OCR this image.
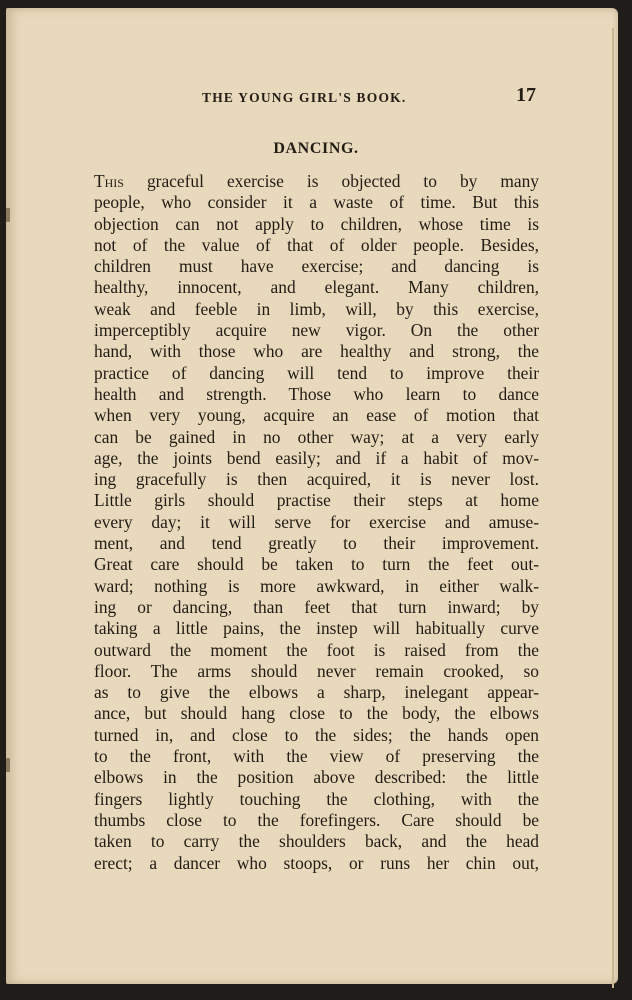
THE YOUNG GIRL'S BOOK.	17
DANCING.
This graceful exercise is objected to by many
people, who consider it a waste of time. But this
objection can not apply to children, whose time is
not of the value of that of older people. Besides,
children must have exercise; and dancing is
healthy, innocent, and elegant. Many children,
weak and feeble in limb, will, by this exercise,
imperceptibly acquire new vigor. On the other
hand, with those who are healthy and strong, the
practice of dancing will tend to improve their
health and strength. Those who learn to dance
when very young, acquire an ease of motion that
can be gained in no other way; at a very early
age, the joints bend easily; and if a habit of mov-
ing gracefully is then acquired, it is never lost.
Little girls should practise their steps at home
every day; it will serve for exercise and amuse-
ment, and tend greatly to their improvement.
Great care should be taken to turn the feet out-
ward; nothing is more awkward, in either walk-
ing or dancing, than feet that turn inward; by
taking a little pains, the instep will habitually curve
outward the moment the foot is raised from the
floor. The arms should never remain crooked, so
as to give the elbows a sharp, inelegant appear-
ance, but should hang close to the body, the elbows
turned in, and close to the sides; the hands open
to the front, with the view of preserving the
elbows in the position above described: the little
fingers lightly touching the clothing, with the
thumbs close to the forefingers. Care should be
taken to carry the shoulders back, and the head
erect; a dancer who stoops, or runs her chin out,
